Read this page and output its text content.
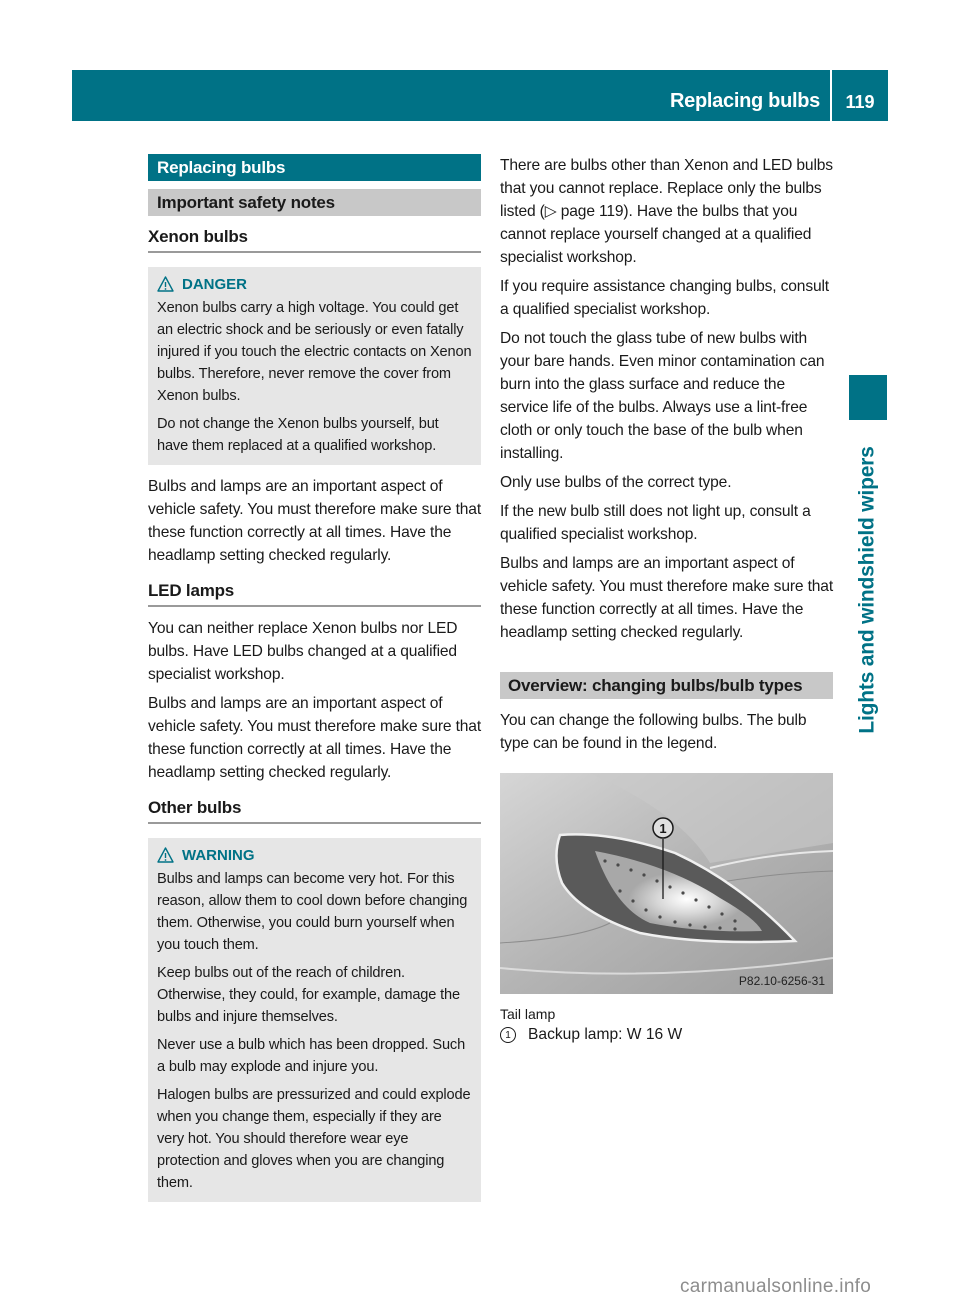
Replacing bulbs	119
Replacing bulbs
Important safety notes
Xenon bulbs
DANGER

Xenon bulbs carry a high voltage. You could get an electric shock and be seriously or even fatally injured if you touch the electric contacts on Xenon bulbs. Therefore, never remove the cover from Xenon bulbs.

Do not change the Xenon bulbs yourself, but have them replaced at a qualified workshop.

Bulbs and lamps are an important aspect of vehicle safety. You must therefore make sure that these function correctly at all times. Have the headlamp setting checked regularly.

LED lamps

You can neither replace Xenon bulbs nor LED bulbs. Have LED bulbs changed at a qualified specialist workshop.

Bulbs and lamps are an important aspect of vehicle safety. You must therefore make sure that these function correctly at all times. Have the headlamp setting checked regularly.

Other bulbs
WARNING

Bulbs and lamps can become very hot. For this reason, allow them to cool down before changing them. Otherwise, you could burn yourself when you touch them.

Keep bulbs out of the reach of children. Otherwise, they could, for example, damage the bulbs and injure themselves.

Never use a bulb which has been dropped. Such a bulb may explode and injure you.

Halogen bulbs are pressurized and could explode when you change them, especially if they are very hot. You should therefore wear eye protection and gloves when you are changing them.

There are bulbs other than Xenon and LED bulbs that you cannot replace. Replace only the bulbs listed (▷ page 119). Have the bulbs that you cannot replace yourself changed at a qualified specialist workshop.

If you require assistance changing bulbs, consult a qualified specialist workshop.

Do not touch the glass tube of new bulbs with your bare hands. Even minor contamination can burn into the glass surface and reduce the service life of the bulbs. Always use a lint-free cloth or only touch the base of the bulb when installing.

Only use bulbs of the correct type.

If the new bulb still does not light up, consult a qualified specialist workshop.

Bulbs and lamps are an important aspect of vehicle safety. You must therefore make sure that these function correctly at all times. Have the headlamp setting checked regularly.

Overview: changing bulbs/bulb types

You can change the following bulbs. The bulb type can be found in the legend.

1
P82.10-6256-31
Tail lamp
1	Backup lamp: W 16 W
Lights and windshield wipers
carmanualsonline.info
